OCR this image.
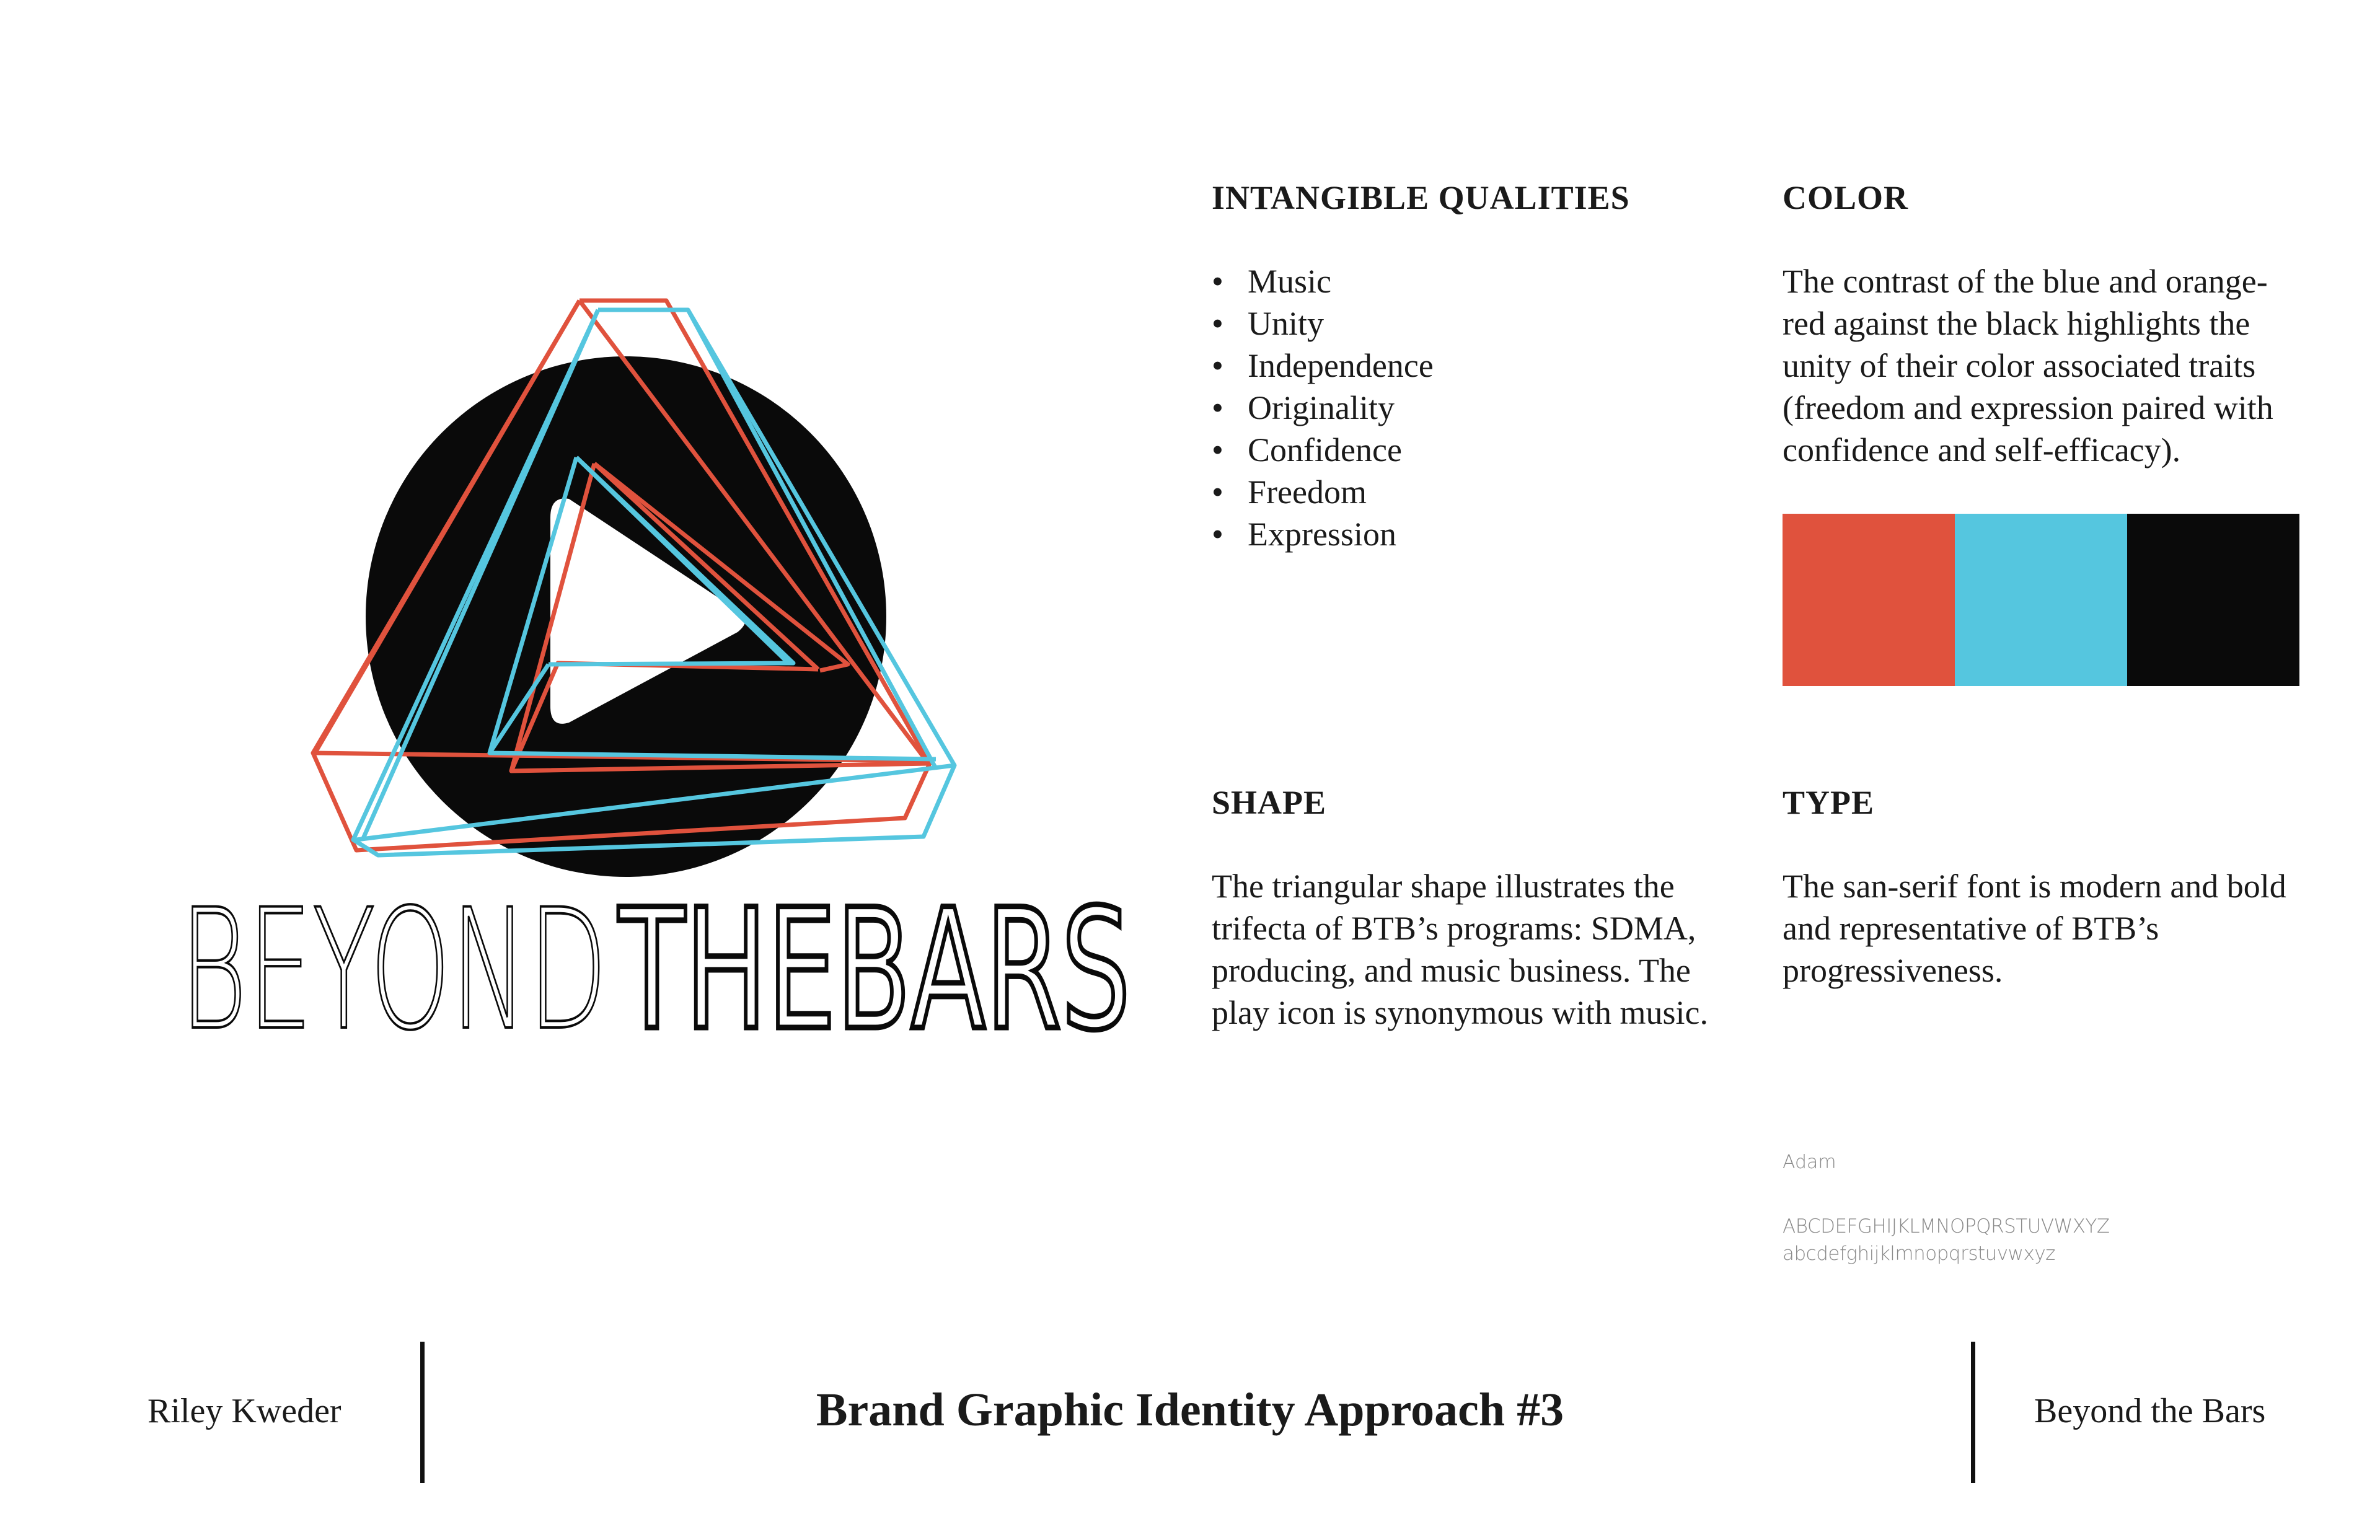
BEYOND THEBARS
INTANGIBLE QUALITIES
• Music
• Unity
• Independence
• Originality
• Confidence
• Freedom
• Expression
COLOR

The contrast of the blue and orange-red against the black highlights the unity of their color associated traits (freedom and expression paired with confidence and self-efficacy).

SHAPE

The triangular shape illustrates the trifecta of BTB’s programs: SDMA, producing, and music business. The play icon is synonymous with music.

TYPE

The san-serif font is modern and bold and representative of BTB’s progressiveness.

Adam

ABCDEFGHIJKLMNOPQRSTUVWXYZ

abcdefghijklmnopqrstuvwxyz

Riley Kweder	Brand Graphic Identity Approach #3	Beyond the Bars
